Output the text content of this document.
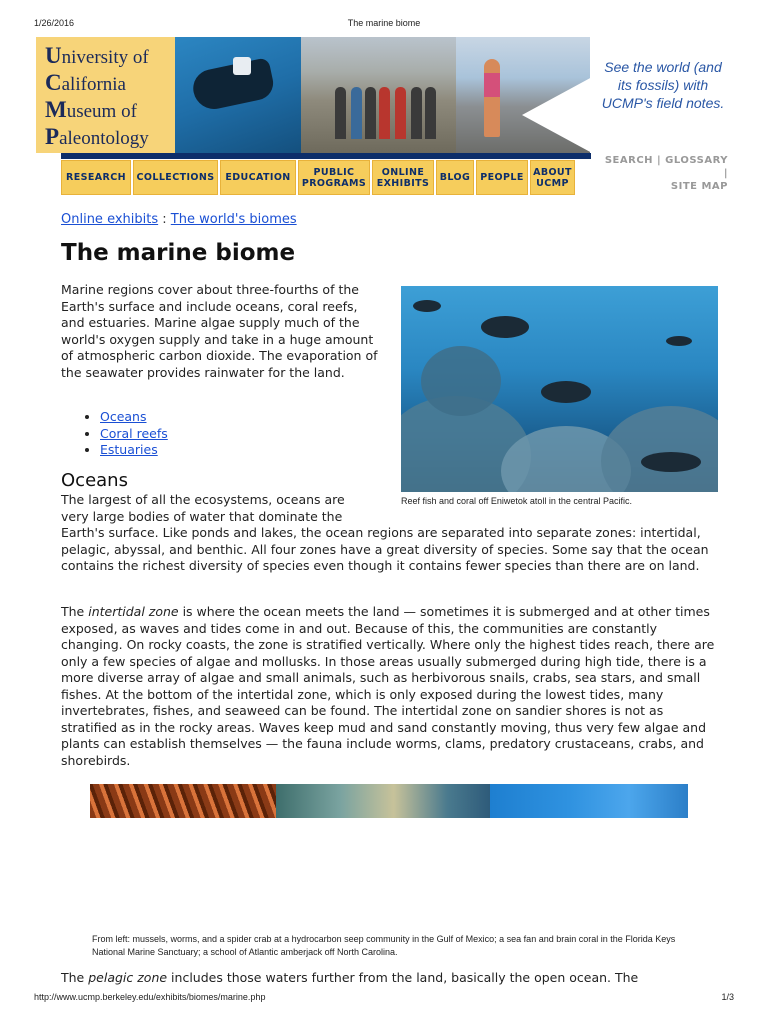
1/26/2016	The marine biome
University of
California
Museum of
Paleontology
See the world (and its fossils) with UCMP's field notes.
SEARCH | GLOSSARY |
SITE MAP
RESEARCH	COLLECTIONS	EDUCATION	PUBLIC PROGRAMS
ONLINE EXHIBITS	BLOG	PEOPLE ABOUT UCMP
Online exhibits : The world's biomes
The marine biome
Marine regions cover about three-fourths of the Earth's surface and include oceans, coral reefs, and estuaries. Marine algae supply much of the world's oxygen supply and take in a huge amount of atmospheric carbon dioxide. The evaporation of the seawater provides rainwater for the land.
• Oceans
• Coral reefs
• Estuaries
Reef fish and coral off Eniwetok atoll in the central Pacific.
Oceans
The largest of all the ecosystems, oceans are very large bodies of water that dominate the
Earth's surface. Like ponds and lakes, the ocean regions are separated into separate zones: intertidal, pelagic, abyssal, and benthic. All four zones have a great diversity of species. Some say that the ocean contains the richest diversity of species even though it contains fewer species than there are on land.
The intertidal zone is where the ocean meets the land — sometimes it is submerged and at other times exposed, as waves and tides come in and out. Because of this, the communities are constantly changing. On rocky coasts, the zone is stratified vertically. Where only the highest tides reach, there are only a few species of algae and mollusks. In those areas usually submerged during high tide, there is a more diverse array of algae and small animals, such as herbivorous snails, crabs, sea stars, and small fishes. At the bottom of the intertidal zone, which is only exposed during the lowest tides, many invertebrates, fishes, and seaweed can be found. The intertidal zone on sandier shores is not as stratified as in the rocky areas. Waves keep mud and sand constantly moving, thus very few algae and plants can establish themselves — the fauna include worms, clams, predatory crustaceans, crabs, and shorebirds.
From left: mussels, worms, and a spider crab at a hydrocarbon seep community in the Gulf of Mexico; a sea fan and brain coral in the Florida Keys National Marine Sanctuary; a school of Atlantic amberjack off North Carolina.
The pelagic zone includes those waters further from the land, basically the open ocean. The
http://www.ucmp.berkeley.edu/exhibits/biomes/marine.php	1/3
